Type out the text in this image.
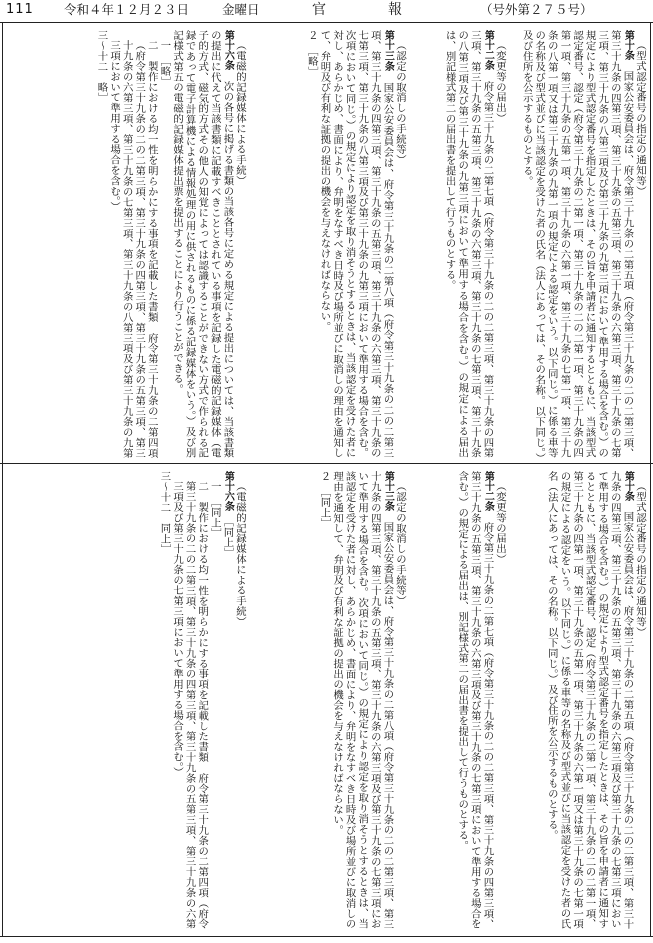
111 令和４年１２月２３日	金曜日	官	報	（号外第２７５号）
（型式認定番号の指定の通知等）

第十条　国家公安委員会は、府令第三十九条の二第五項（府令第三十九条の二の二第三項、第三十九条の四第三項、第三十九条の五第三項、第三十九条の六第三項、第三十九条の七第三項、第三十九条の八第三項及び第三十九条の九第三項において準用する場合を含む。）の規定により型式認定番号を指定したときは、その旨を申請者に通知するとともに、当該型式認定番号、認定（府令第三十九条の二第一項、第三十九条の二の二第一項、第三十九条の四第一項、第三十九条の五第一項、第三十九条の六第一項、第三十九条の七第一項、第三十九条の八第一項又は第三十九条の九第一項の規定による認定をいう。以下同じ。）に係る車等の名称及び型式並びに当該認定を受けた者の氏名（法人にあっては、その名称。以下同じ。）及び住所を公示するものとする。

（変更等の届出）

第十二条　府令第三十九条の二第七項（府令第三十九条の二の二第三項、第三十九条の四第三項、第三十九条の五第三項、第三十九条の六第三項、第三十九条の七第三項、第三十九条の八第三項及び第三十九条の九第三項において準用する場合を含む。）の規定による届出は、別記様式第二の届出書を提出して行うものとする。

（認定の取消しの手続等）

第十三条　国家公安委員会は、府令第三十九条の二第八項（府令第三十九条の二の二第三項、第三十九条の四第三項、第三十九条の五第三項、第三十九条の六第三項、第三十九条の七第三項、第三十九条の八第三項及び第三十九条の九第三項において準用する場合を含む。次項において同じ。）の規定により認定を取り消そうとするときは、当該認定を受けた者に対し、あらかじめ、書面により、弁明をなすべき日時及び場所並びに取消しの理由を通知して、弁明及び有利な証拠の提出の機会を与えなければならない。

２　［略］

（電磁的記録媒体による手続）

第十六条　次の各号に掲げる書類の当該各号に定める規定による提出については、当該書類の提出に代えて当該書類に記載すべきこととされている事項を記録した電磁的記録媒体（電子的方式、磁気的方式その他人の知覚によっては認識することができない方式で作られる記録であって電子計算機による情報処理の用に供されるものに係る記録媒体をいう。）及び別記様式第五の電磁的記録媒体提出票を提出することにより行うことができる。

一　［略］

二　製作における均一性を明らかにする事項を記載した書類　府令第三十九条の二第四項（府令第三十九条の二の二第三項、第三十九条の四第三項、第三十九条の五第三項、第三十九条の六第三項、第三十九条の七第三項、第三十九条の八第三項及び第三十九条の九第三項において準用する場合を含む。）

三〜十二　略］

（型式認定番号の指定の通知等）

第十条　国家公安委員会は、府令第三十九条の二第五項（府令第三十九条の二の二第三項、第三十九条の四第三項、第三十九条の五第三項、第三十九条の六第三項及び第三十九条の七第三項において準用する場合を含む。）の規定により型式認定番号を指定したときは、その旨を申請者に通知するとともに、当該型式認定番号、認定（府令第三十九条の二第一項、第三十九条の二の二第一項、第三十九条の四第一項、第三十九条の五第一項、第三十九条の六第一項又は第三十九条の七第一項の規定による認定をいう。以下同じ。）に係る車等の名称及び型式並びに当該認定を受けた者の氏名（法人にあっては、その名称。以下同じ。）及び住所を公示するものとする。

（変更等の届出）

第十二条　府令第三十九条の二第七項（府令第三十九条の二の二第三項、第三十九条の四第三項、第三十九条の五第三項、第三十九条の六第三項及び第三十九条の七第三項において準用する場合を含む。）の規定による届出は、別記様式第二の届出書を提出して行うものとする。

（認定の取消しの手続等）

第十三条　国家公安委員会は、府令第三十九条の二第八項（府令第三十九条の二の二第三項、第三十九条の四第三項、第三十九条の五第三項、第三十九条の六第三項及び第三十九条の七第三項において準用する場合を含む。次項において同じ。）の規定により認定を取り消そうとするときは、当該認定を受けた者に対し、あらかじめ、書面により、弁明をなすべき日時及び場所並びに取消しの理由を通知して、弁明及び有利な証拠の提出の機会を与えなければならない。

２　［同上］

（電磁的記録媒体による手続）

第十六条　［同上］

一　［同上］

二　製作における均一性を明らかにする事項を記載した書類　府令第三十九条の二第四項（府令第三十九条の二の二第三項、第三十九条の四第三項、第三十九条の五第三項、第三十九条の六第三項及び第三十九条の七第三項において準用する場合を含む。）

三〜十二　同上］
